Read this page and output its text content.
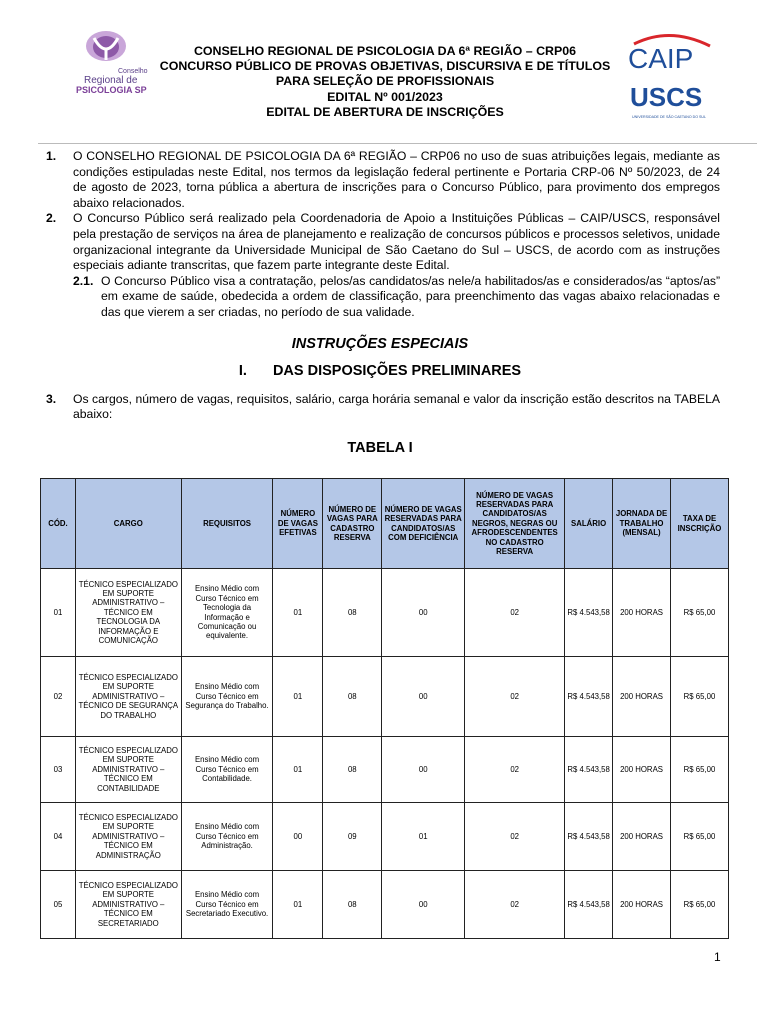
Conselho
Regional de
PSICOLOGIA SP
CONSELHO REGIONAL DE PSICOLOGIA DA 6ª REGIÃO – CRP06
CONCURSO PÚBLICO DE PROVAS OBJETIVAS, DISCURSIVA E DE TÍTULOS
PARA SELEÇÃO DE PROFISSIONAIS
EDITAL Nº 001/2023
EDITAL DE ABERTURA DE INSCRIÇÕES
CAIP
USCS
UNIVERSIDADE DE SÃO CAETANO DO SUL

1. O CONSELHO REGIONAL DE PSICOLOGIA DA 6ª REGIÃO – CRP06 no uso de suas atribuições legais, mediante as condições estipuladas neste Edital, nos termos da legislação federal pertinente e Portaria CRP-06 Nº 50/2023, de 24 de agosto de 2023, torna pública a abertura de inscrições para o Concurso Público, para provimento dos empregos abaixo relacionados.

2. O Concurso Público será realizado pela Coordenadoria de Apoio a Instituições Públicas – CAIP/USCS, responsável pela prestação de serviços na área de planejamento e realização de concursos públicos e processos seletivos, unidade organizacional integrante da Universidade Municipal de São Caetano do Sul – USCS, de acordo com as instruções especiais adiante transcritas, que fazem parte integrante deste Edital.

2.1. O Concurso Público visa a contratação, pelos/as candidatos/as nele/a habilitados/as e considerados/as “aptos/as” em exame de saúde, obedecida a ordem de classificação, para preenchimento das vagas abaixo relacionadas e das que vierem a ser criadas, no período de sua validade.

INSTRUÇÕES ESPECIAIS

I. DAS DISPOSIÇÕES PRELIMINARES

3. Os cargos, número de vagas, requisitos, salário, carga horária semanal e valor da inscrição estão descritos na TABELA abaixo:

TABELA I

CÓD.	CARGO	REQUISITOS	NÚMERO DE VAGAS EFETIVAS	NÚMERO DE VAGAS PARA CADASTRO RESERVA	NÚMERO DE VAGAS RESERVADAS PARA CANDIDATOS/AS COM DEFICIÊNCIA	NÚMERO DE VAGAS RESERVADAS PARA CANDIDATOS/AS NEGROS, NEGRAS OU AFRODESCENDENTES NO CADASTRO RESERVA	SALÁRIO	JORNADA DE TRABALHO (MENSAL)	TAXA DE INSCRIÇÃO
01	TÉCNICO ESPECIALIZADO EM SUPORTE ADMINISTRATIVO – TÉCNICO EM TECNOLOGIA DA INFORMAÇÃO E COMUNICAÇÃO	Ensino Médio com Curso Técnico em Tecnologia da Informação e Comunicação ou equivalente.	01	08	00	02	R$ 4.543,58	200 HORAS	R$ 65,00
02	TÉCNICO ESPECIALIZADO EM SUPORTE ADMINISTRATIVO – TÉCNICO DE SEGURANÇA DO TRABALHO	Ensino Médio com Curso Técnico em Segurança do Trabalho.	01	08	00	02	R$ 4.543,58	200 HORAS	R$ 65,00
03	TÉCNICO ESPECIALIZADO EM SUPORTE ADMINISTRATIVO – TÉCNICO EM CONTABILIDADE	Ensino Médio com Curso Técnico em Contabilidade.	01	08	00	02	R$ 4.543,58	200 HORAS	R$ 65,00
04	TÉCNICO ESPECIALIZADO EM SUPORTE ADMINISTRATIVO – TÉCNICO EM ADMINISTRAÇÃO	Ensino Médio com Curso Técnico em Administração.	00	09	01	02	R$ 4.543,58	200 HORAS	R$ 65,00
05	TÉCNICO ESPECIALIZADO EM SUPORTE ADMINISTRATIVO – TÉCNICO EM SECRETARIADO	Ensino Médio com Curso Técnico em Secretariado Executivo.	01	08	00	02	R$ 4.543,58	200 HORAS	R$ 65,00
1
